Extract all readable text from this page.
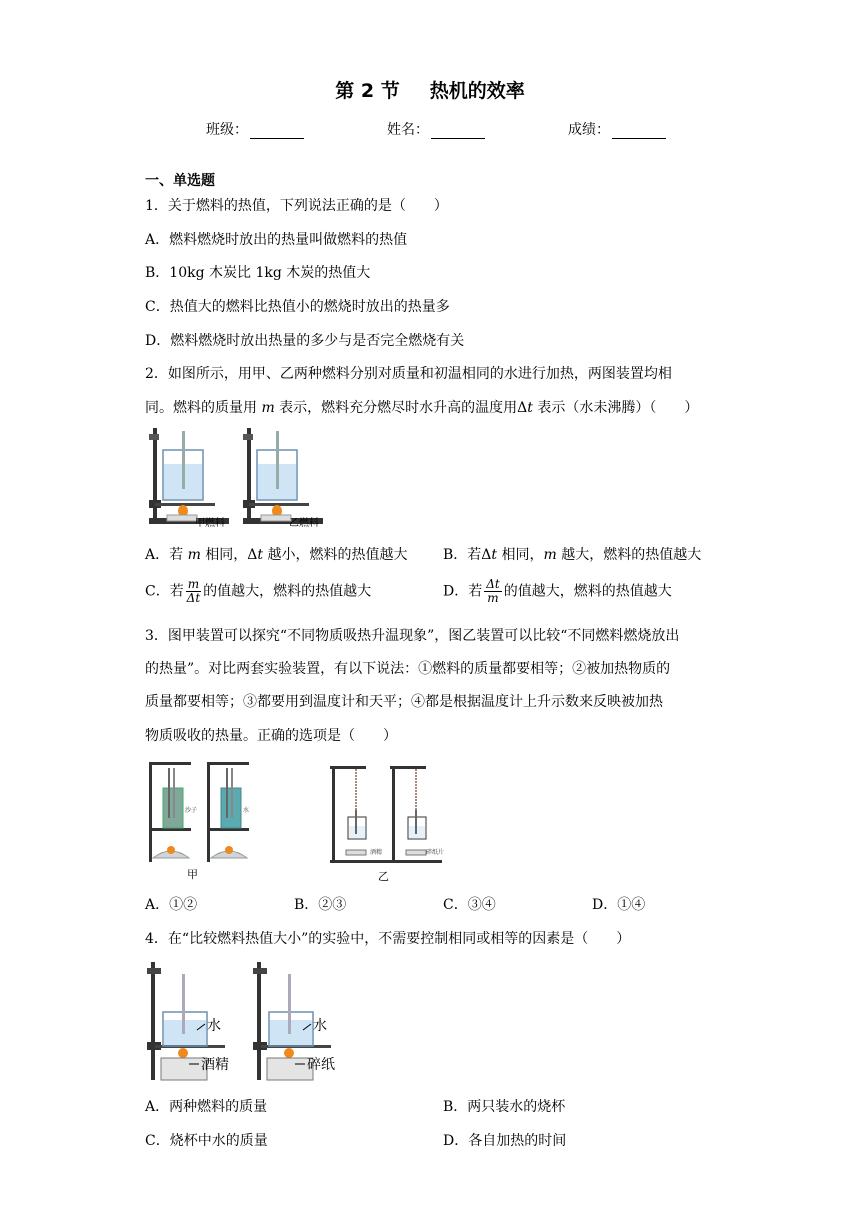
第 2 节 热机的效率
班级：	姓名：	成绩：
一、单选题
1．关于燃料的热值，下列说法正确的是（　　）
A．燃料燃烧时放出的热量叫做燃料的热值
B．10kg 木炭比 1kg 木炭的热值大
C．热值大的燃料比热值小的燃烧时放出的热量多
D．燃料燃烧时放出热量的多少与是否完全燃烧有关
2．如图所示，用甲、乙两种燃料分别对质量和初温相同的水进行加热，两图装置均相
同。燃料的质量用 m 表示，燃料充分燃尽时水升高的温度用Δt 表示（水未沸腾）（　　）
甲燃料	乙燃料
A．若 m 相同，Δt 越小，燃料的热值越大	B．若Δt 相同，m 越大，燃料的热值越大
C．若 $\frac{m}{\Delta t}$ 的值越大，燃料的热值越大	D．若 $\frac{\Delta t}{m}$ 的值越大，燃料的热值越大
3．图甲装置可以探究“不同物质吸热升温现象”，图乙装置可以比较“不同燃料燃烧放出
的热量”。对比两套实验装置，有以下说法：①燃料的质量都要相等；②被加热物质的
质量都要相等；③都要用到温度计和天平；④都是根据温度计上升示数来反映被加热
物质吸收的热量。正确的选项是（　　）
沙子	水
甲
酒精	碎纸片
乙
A．①②	B．②③	C．③④	D．①④
4．在“比较燃料热值大小”的实验中，不需要控制相同或相等的因素是（　　）
水
酒精
水
碎纸
A．两种燃料的质量	B．两只装水的烧杯
C．烧杯中水的质量	D．各自加热的时间
